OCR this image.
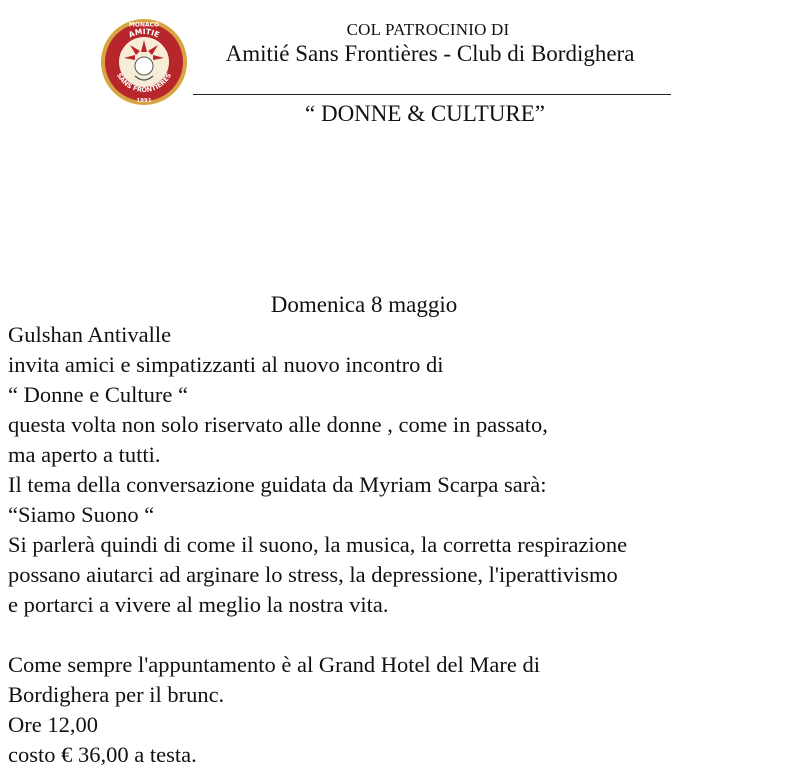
MONACO
AMITIE
SANS FRONTIERES
1991
COL PATROCINIO DI
Amitié Sans Frontières - Club di Bordighera
“ DONNE & CULTURE”
Domenica 8 maggio
Gulshan Antivalle
invita amici e simpatizzanti al nuovo incontro di
“ Donne e Culture “
questa volta non solo riservato alle donne , come in passato,
ma aperto a tutti.
Il tema della conversazione guidata da Myriam Scarpa sarà:
“Siamo Suono “
Si parlerà quindi di come il suono, la musica, la corretta respirazione
possano aiutarci ad arginare lo stress, la depressione, l'iperattivismo
e portarci a vivere al meglio la nostra vita.
Come sempre l'appuntamento è al Grand Hotel del Mare di
Bordighera per il brunc.
Ore 12,00
costo € 36,00 a testa.
